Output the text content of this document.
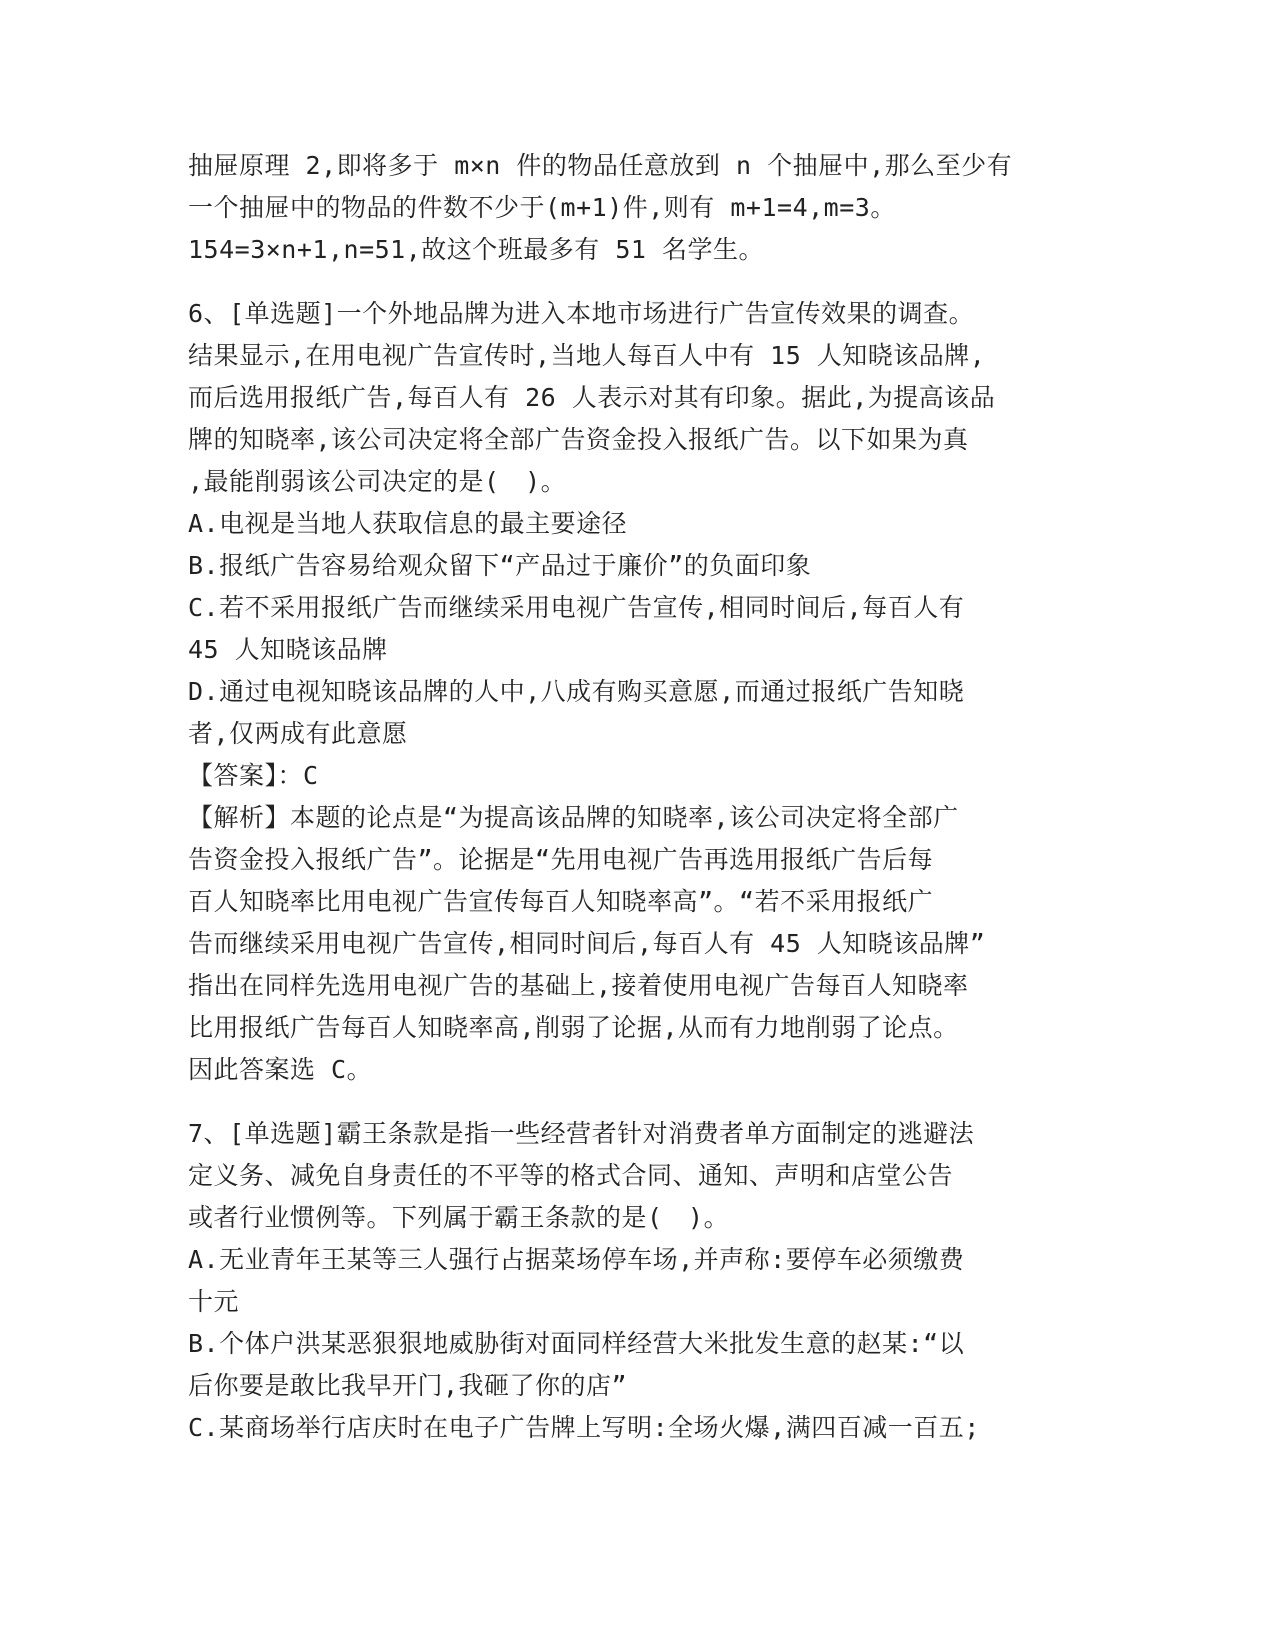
抽屉原理 2,即将多于 m×n 件的物品任意放到 n 个抽屉中,那么至少有
一个抽屉中的物品的件数不少于(m+1)件,则有 m+1=4,m=3。
154=3×n+1,n=51,故这个班最多有 51 名学生。
6、[单选题]一个外地品牌为进入本地市场进行广告宣传效果的调查。
结果显示,在用电视广告宣传时,当地人每百人中有 15 人知晓该品牌,
而后选用报纸广告,每百人有 26 人表示对其有印象。据此,为提高该品
牌的知晓率,该公司决定将全部广告资金投入报纸广告。以下如果为真
,最能削弱该公司决定的是(　)。
A.电视是当地人获取信息的最主要途径
B.报纸广告容易给观众留下“产品过于廉价”的负面印象
C.若不采用报纸广告而继续采用电视广告宣传,相同时间后,每百人有
45 人知晓该品牌
D.通过电视知晓该品牌的人中,八成有购买意愿,而通过报纸广告知晓
者,仅两成有此意愿
【答案】：C
【解析】本题的论点是“为提高该品牌的知晓率,该公司决定将全部广
告资金投入报纸广告”。论据是“先用电视广告再选用报纸广告后每
百人知晓率比用电视广告宣传每百人知晓率高”。“若不采用报纸广
告而继续采用电视广告宣传,相同时间后,每百人有 45 人知晓该品牌”
指出在同样先选用电视广告的基础上,接着使用电视广告每百人知晓率
比用报纸广告每百人知晓率高,削弱了论据,从而有力地削弱了论点。
因此答案选 C。
7、[单选题]霸王条款是指一些经营者针对消费者单方面制定的逃避法
定义务、减免自身责任的不平等的格式合同、通知、声明和店堂公告
或者行业惯例等。下列属于霸王条款的是(　)。
A.无业青年王某等三人强行占据菜场停车场,并声称:要停车必须缴费
十元
B.个体户洪某恶狠狠地威胁街对面同样经营大米批发生意的赵某:“以
后你要是敢比我早开门,我砸了你的店”
C.某商场举行店庆时在电子广告牌上写明:全场火爆,满四百减一百五;
